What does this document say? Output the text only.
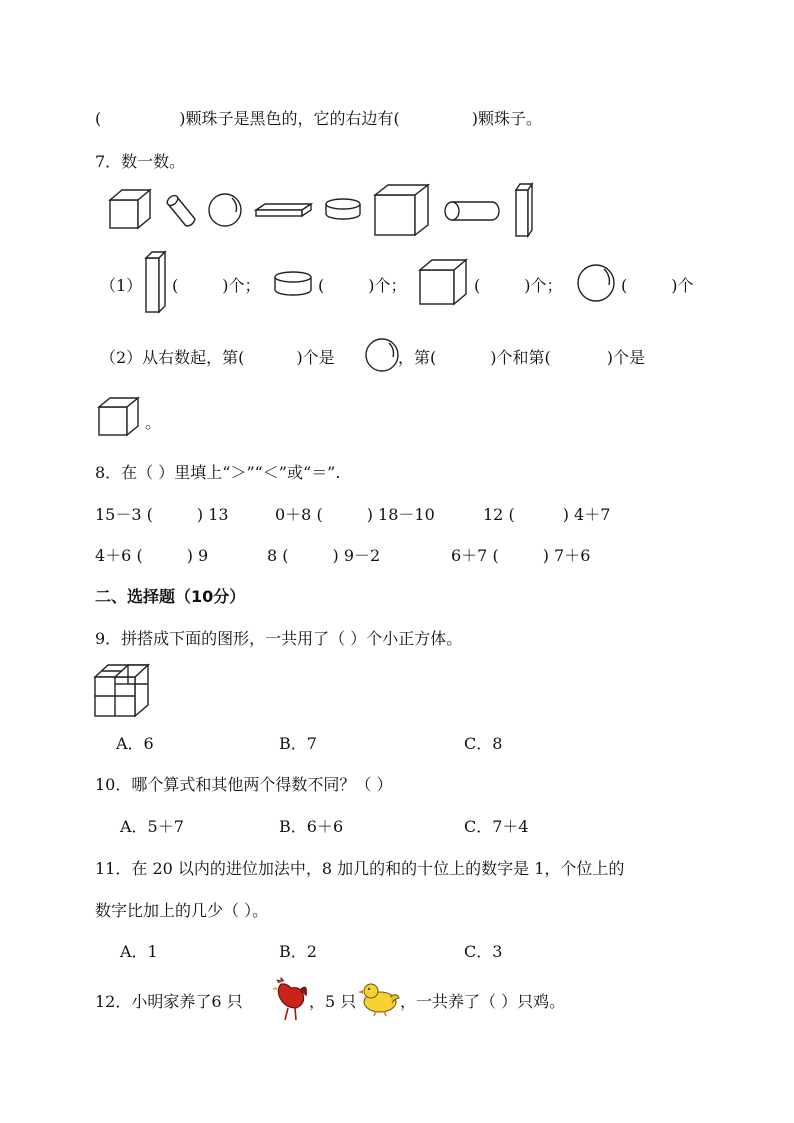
(	)颗珠子是黑色的，它的右边有(	)颗珠子。
7．数一数。
（1） (	)个；	(	)个；	(	)个；	(	)个
（2）从右数起，第(	)个是	，第(	)个和第(	)个是
。
8．在（ ）里填上“＞”“＜”或“＝”.
15－3 (	) 13	0＋8 (	) 18－10	12 (	) 4＋7
4＋6 (	) 9	8 (	) 9－2	6＋7 (	) 7＋6
二、选择题（10分）
9．拼搭成下面的图形，一共用了（ ）个小正方体。
A．6	B．7	C．8
10．哪个算式和其他两个得数不同？（ ）
A．5＋7	B．6＋6	C．7＋4
11．在 20 以内的进位加法中，8 加几的和的十位上的数字是 1，个位上的
数字比加上的几少（ ）。
A．1	B．2	C．3
12．小明家养了6 只	，5 只	，一共养了（ ）只鸡。
